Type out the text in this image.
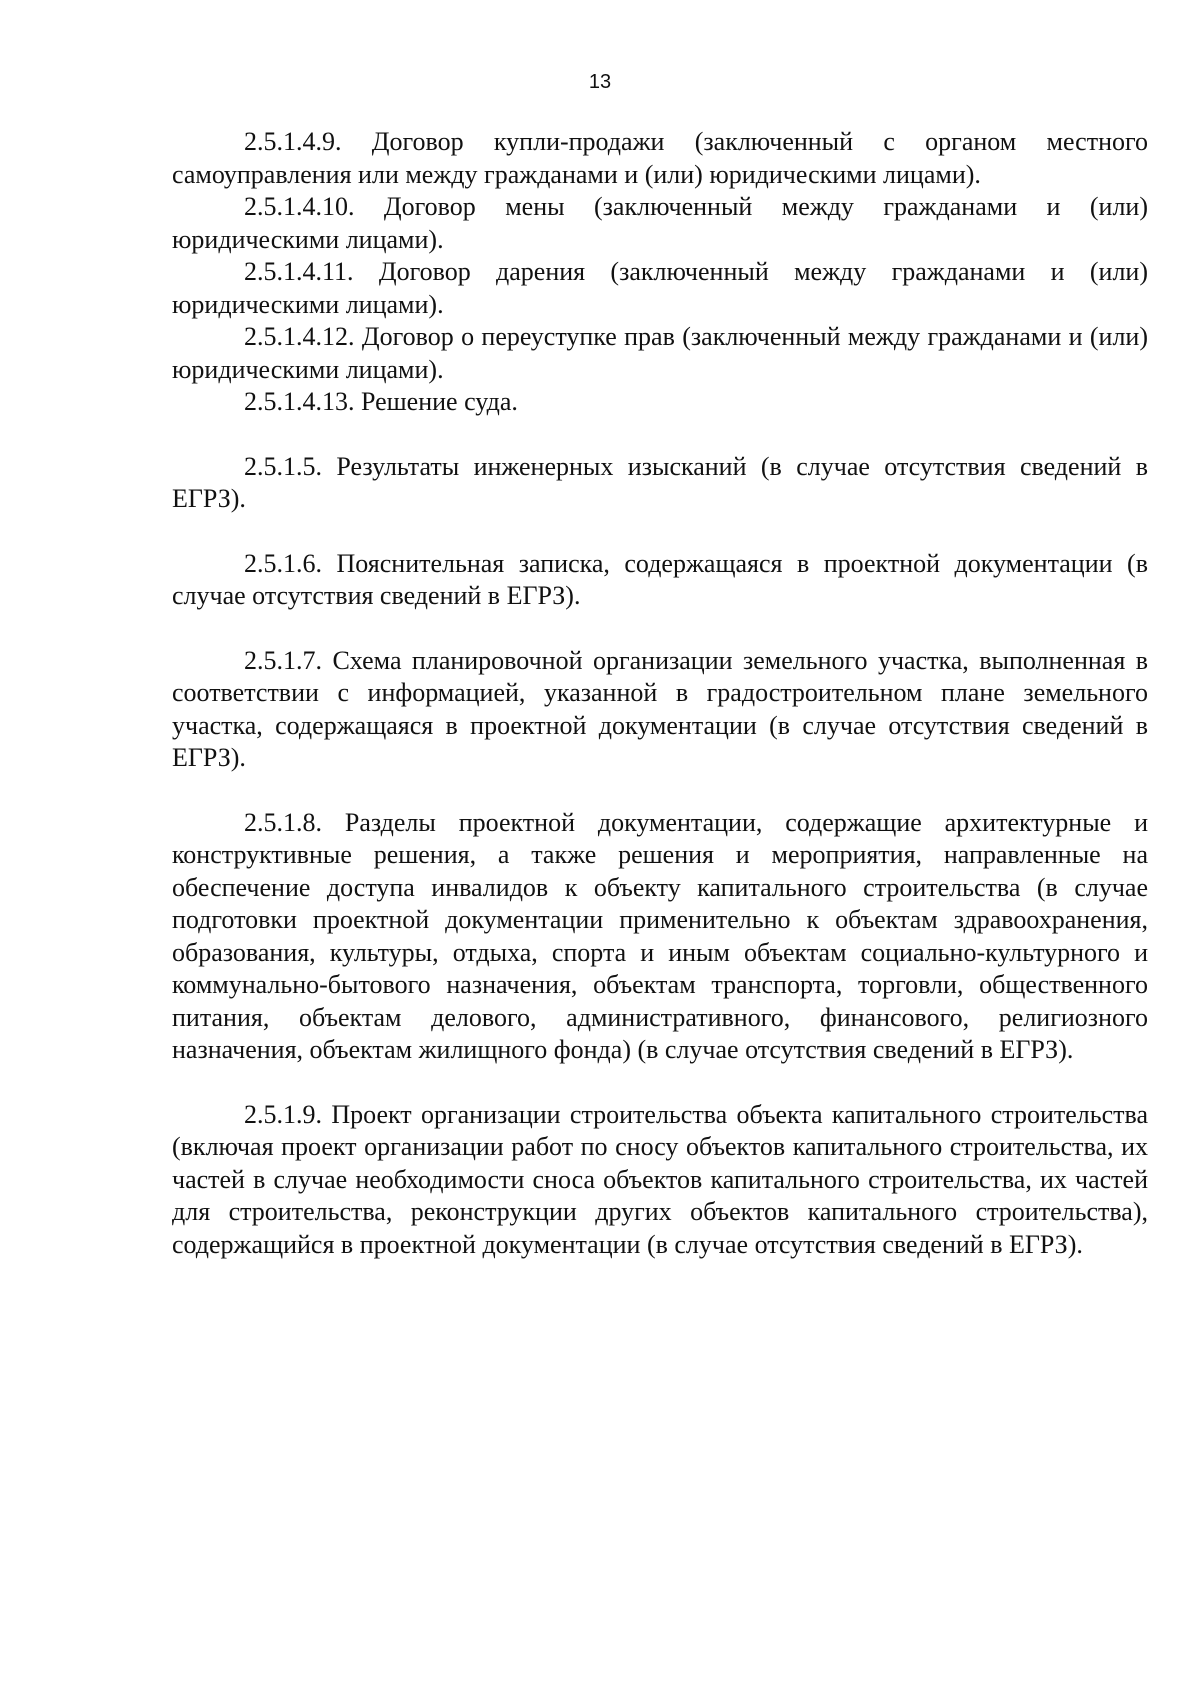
13

2.5.1.4.9. Договор купли-продажи (заключенный с органом местного самоуправления или между гражданами и (или) юридическими лицами).

2.5.1.4.10. Договор мены (заключенный между гражданами и (или) юридическими лицами).

2.5.1.4.11. Договор дарения (заключенный между гражданами и (или) юридическими лицами).

2.5.1.4.12. Договор о переуступке прав (заключенный между гражданами и (или) юридическими лицами).

2.5.1.4.13. Решение суда.

2.5.1.5. Результаты инженерных изысканий (в случае отсутствия сведений в ЕГРЗ).

2.5.1.6. Пояснительная записка, содержащаяся в проектной документации (в случае отсутствия сведений в ЕГРЗ).

2.5.1.7. Схема планировочной организации земельного участка, выполненная в соответствии с информацией, указанной в градостроительном плане земельного участка, содержащаяся в проектной документации (в случае отсутствия сведений в ЕГРЗ).

2.5.1.8. Разделы проектной документации, содержащие архитектурные и конструктивные решения, а также решения и мероприятия, направленные на обеспечение доступа инвалидов к объекту капитального строительства (в случае подготовки проектной документации применительно к объектам здравоохранения, образования, культуры, отдыха, спорта и иным объектам социально-культурного и коммунально-бытового назначения, объектам транспорта, торговли, общественного питания, объектам делового, административного, финансового, религиозного назначения, объектам жилищного фонда) (в случае отсутствия сведений в ЕГРЗ).

2.5.1.9. Проект организации строительства объекта капитального строительства (включая проект организации работ по сносу объектов капитального строительства, их частей в случае необходимости сноса объектов капитального строительства, их частей для строительства, реконструкции других объектов капитального строительства), содержащийся в проектной документации (в случае отсутствия сведений в ЕГРЗ).
